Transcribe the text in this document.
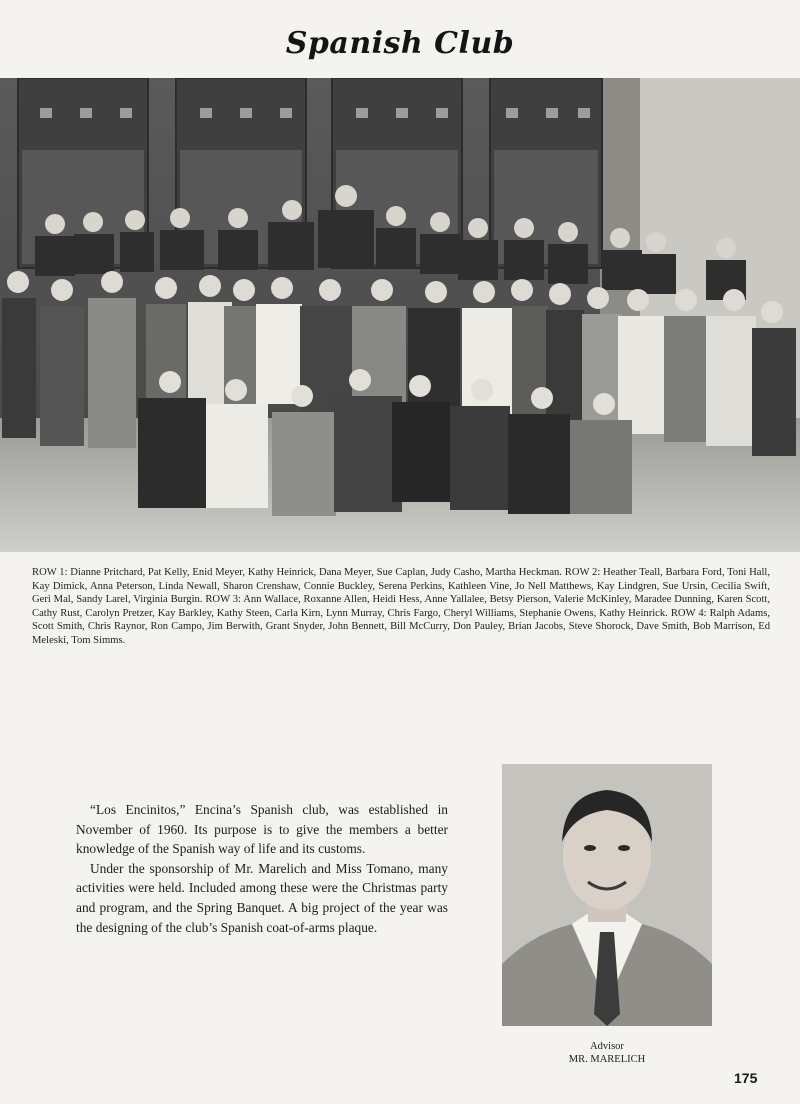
Spanish Club
ROW 1: Dianne Pritchard, Pat Kelly, Enid Meyer, Kathy Heinrick, Dana Meyer, Sue Caplan, Judy Casho, Martha Heckman. ROW 2: Heather Teall, Barbara Ford, Toni Hall, Kay Dimick, Anna Peterson, Linda Newall, Sharon Crenshaw, Connie Buckley, Serena Perkins, Kathleen Vine, Jo Nell Matthews, Kay Lindgren, Sue Ursin, Cecilia Swift, Geri Mal, Sandy Larel, Virginia Burgin. ROW 3: Ann Wallace, Roxanne Allen, Heidi Hess, Anne Yallalee, Betsy Pierson, Valerie McKinley, Maradee Dunning, Karen Scott, Cathy Rust, Carolyn Pretzer, Kay Barkley, Kathy Steen, Carla Kirn, Lynn Murray, Chris Fargo, Cheryl Williams, Stephanie Owens, Kathy Heinrick. ROW 4: Ralph Adams, Scott Smith, Chris Raynor, Ron Campo, Jim Berwith, Grant Snyder, John Bennett, Bill McCurry, Don Pauley, Brian Jacobs, Steve Shorock, Dave Smith, Bob Marrison, Ed Meleski, Tom Simms.

“Los Encinitos,” Encina’s Spanish club, was established in November of 1960. Its purpose is to give the members a better knowledge of the Spanish way of life and its customs.

Under the sponsorship of Mr. Marelich and Miss Tomano, many activities were held. Included among these were the Christmas party and program, and the Spring Banquet. A big project of the year was the designing of the club’s Spanish coat-of-arms plaque.

Advisor
MR. MARELICH
175
